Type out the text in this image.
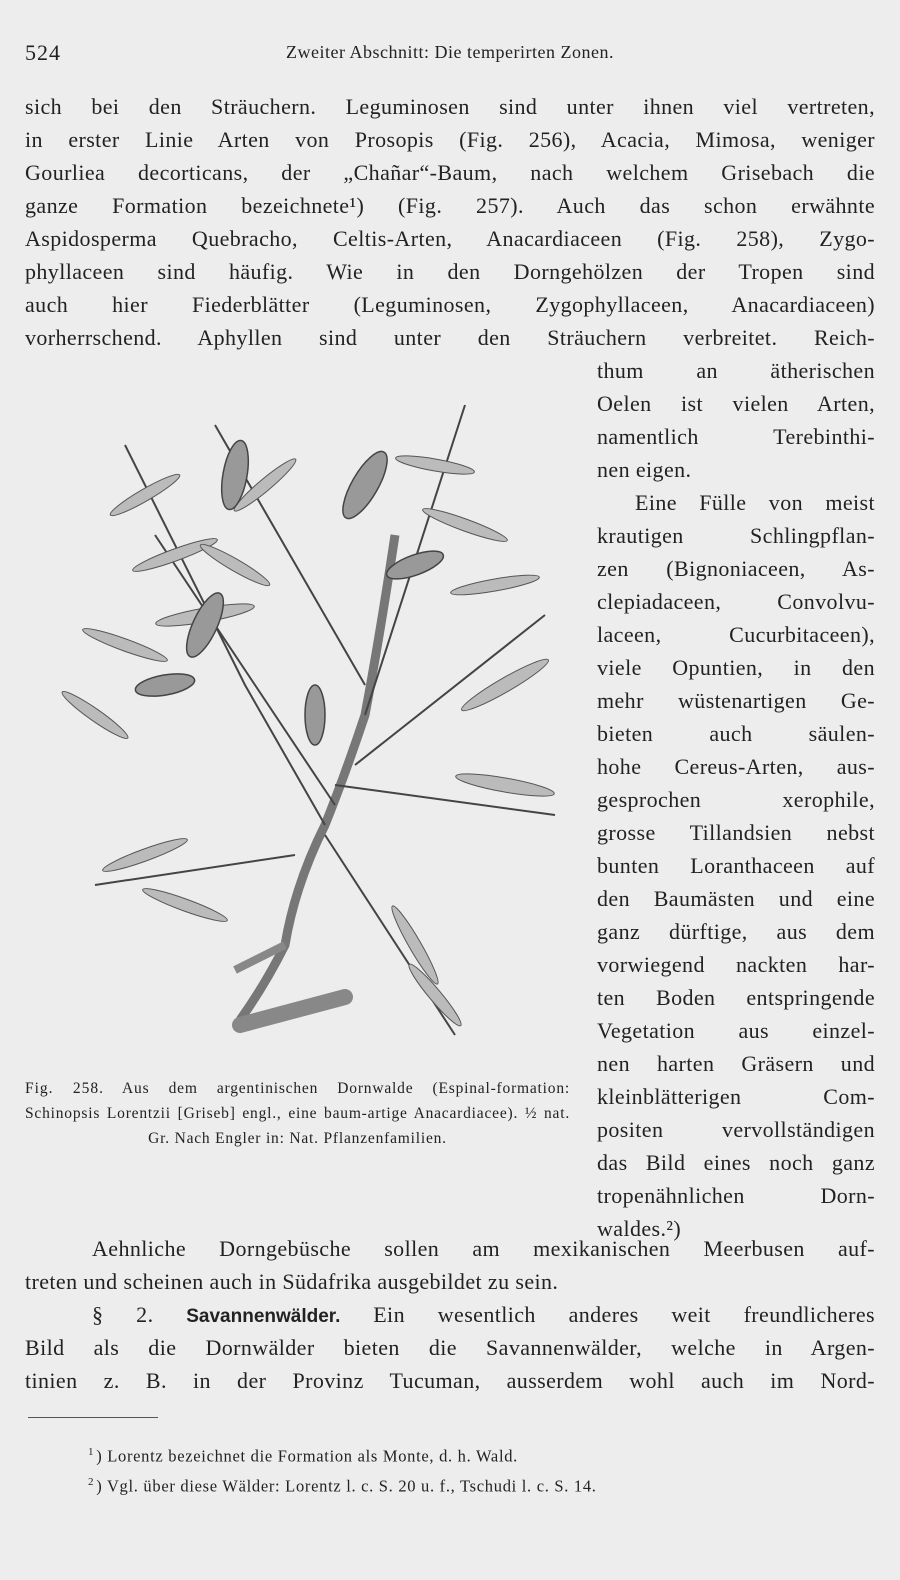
524	Zweiter Abschnitt: Die temperirten Zonen.
sich bei den Sträuchern. Leguminosen sind unter ihnen viel vertreten,
in erster Linie Arten von Prosopis (Fig. 256), Acacia, Mimosa, weniger
Gourliea decorticans, der „Chañar“-Baum, nach welchem Grisebach die
ganze Formation bezeichnete¹) (Fig. 257). Auch das schon erwähnte
Aspidosperma Quebracho, Celtis-Arten, Anacardiaceen (Fig. 258), Zygo-
phyllaceen sind häufig. Wie in den Dorngehölzen der Tropen sind
auch hier Fiederblätter (Leguminosen, Zygophyllaceen, Anacardiaceen)
vorherrschend. Aphyllen sind unter den Sträuchern verbreitet. Reich-
thum an ätherischen
Oelen ist vielen Arten,
namentlich Terebinthi-
nen eigen.
Eine Fülle von meist
krautigen Schlingpflan-
zen (Bignoniaceen, As-
clepiadaceen, Convolvu-
laceen, Cucurbitaceen),
viele Opuntien, in den
mehr wüstenartigen Ge-
bieten auch säulen-
hohe Cereus-Arten, aus-
gesprochen xerophile,
grosse Tillandsien nebst
bunten Loranthaceen auf
den Baumästen und eine
ganz dürftige, aus dem
vorwiegend nackten har-
ten Boden entspringende
Vegetation aus einzel-
nen harten Gräsern und
kleinblätterigen Com-
positen vervollständigen
das Bild eines noch ganz
tropenähnlichen Dorn-
waldes.²)
Fig. 258. Aus dem argentinischen Dornwalde (Espinal-formation: Schinopsis Lorentzii [Griseb] engl., eine baum-artige Anacardiacee). ½ nat. Gr. Nach Engler in: Nat. Pflanzenfamilien.
Aehnliche Dorngebüsche sollen am mexikanischen Meerbusen auf-
treten und scheinen auch in Südafrika ausgebildet zu sein.
§ 2. Savannenwälder. Ein wesentlich anderes weit freundlicheres
Bild als die Dornwälder bieten die Savannenwälder, welche in Argen-
tinien z. B. in der Provinz Tucuman, ausserdem wohl auch im Nord-
$^1$ ) Lorentz bezeichnet die Formation als Monte, d. h. Wald.
$^2$ ) Vgl. über diese Wälder: Lorentz l. c. S. 20 u. f., Tschudi l. c. S. 14.
